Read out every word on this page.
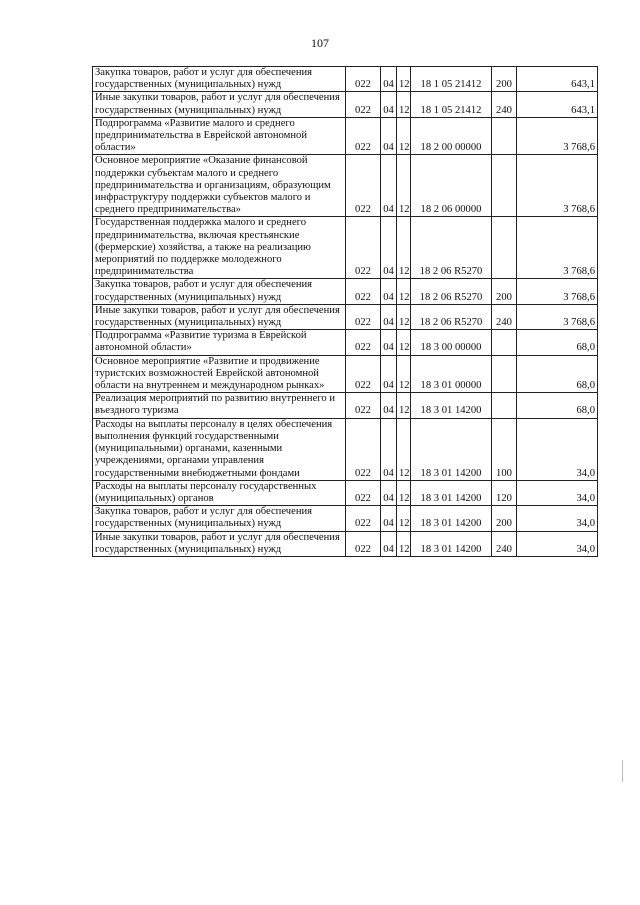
107
Закупка товаров, работ и услуг для обеспечения государственных (муниципальных) нужд	022	04	12	18 1 05 21412	200	643,1
Иные закупки товаров, работ и услуг для обеспечения государственных (муниципальных) нужд	022	04	12	18 1 05 21412	240	643,1
Подпрограмма «Развитие малого и среднего предпринимательства в Еврейской автономной области»	022	04	12	18 2 00 00000		3 768,6
Основное мероприятие «Оказание финансовой поддержки субъектам малого и среднего предпринимательства и организациям, образующим инфраструктуру поддержки субъектов малого и среднего предпринимательства»	022	04	12	18 2 06 00000		3 768,6
Государственная поддержка малого и среднего предпринимательства, включая крестьянские (фермерские) хозяйства, а также на реализацию мероприятий по поддержке молодежного предпринимательства	022	04	12	18 2 06 R5270		3 768,6
Закупка товаров, работ и услуг для обеспечения государственных (муниципальных) нужд	022	04	12	18 2 06 R5270	200	3 768,6
Иные закупки товаров, работ и услуг для обеспечения государственных (муниципальных) нужд	022	04	12	18 2 06 R5270	240	3 768,6
Подпрограмма «Развитие туризма в Еврейской автономной области»	022	04	12	18 3 00 00000		68,0
Основное мероприятие «Развитие и продвижение туристских возможностей Еврейской автономной области на внутреннем и международном рынках»	022	04	12	18 3 01 00000		68,0
Реализация мероприятий по развитию внутреннего и въездного туризма	022	04	12	18 3 01 14200		68,0
Расходы на выплаты персоналу в целях обеспечения выполнения функций государственными (муниципальными) органами, казенными учреждениями, органами управления государственными внебюджетными фондами	022	04	12	18 3 01 14200	100	34,0
Расходы на выплаты персоналу государственных (муниципальных) органов	022	04	12	18 3 01 14200	120	34,0
Закупка товаров, работ и услуг для обеспечения государственных (муниципальных) нужд	022	04	12	18 3 01 14200	200	34,0
Иные закупки товаров, работ и услуг для обеспечения государственных (муниципальных) нужд	022	04	12	18 3 01 14200	240	34,0
